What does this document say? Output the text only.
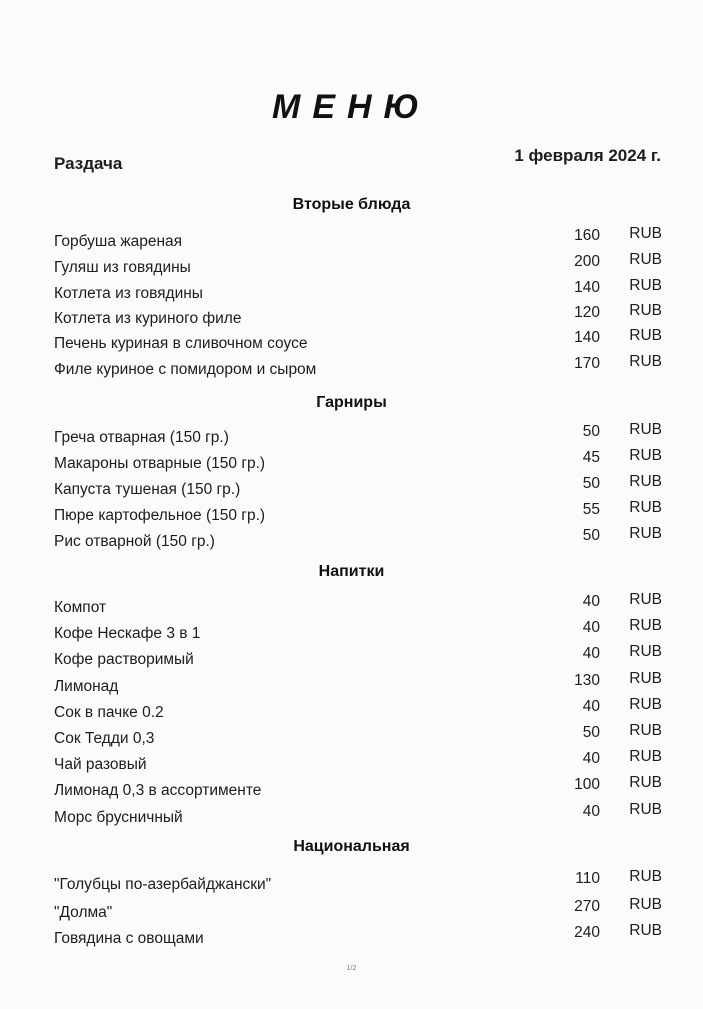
МЕНЮ
Раздача	1 февраля 2024 г.
Вторые блюда
Горбуша жареная	160 RUB
Гуляш из говядины	200 RUB
Котлета из говядины	140 RUB
Котлета из куриного филе	120 RUB
Печень куриная в сливочном соусе	140 RUB
Филе куриное с помидором и сыром	170 RUB
Гарниры
Греча отварная (150 гр.)	50 RUB
Макароны отварные (150 гр.)	45 RUB
Капуста тушеная (150 гр.)	50 RUB
Пюре картофельное (150 гр.)	55 RUB
Рис отварной (150 гр.)	50 RUB
Напитки
Компот	40 RUB
Кофе Нескафе 3 в 1	40 RUB
Кофе растворимый	40 RUB
Лимонад	130 RUB
Сок в пачке 0.2	40 RUB
Сок Тедди 0,3	50 RUB
Чай разовый	40 RUB
Лимонад 0,3 в ассортименте	100 RUB
Морс брусничный	40 RUB
Национальная
"Голубцы по-азербайджански"	110 RUB
"Долма"	270 RUB
Говядина с овощами	240 RUB
1/2
